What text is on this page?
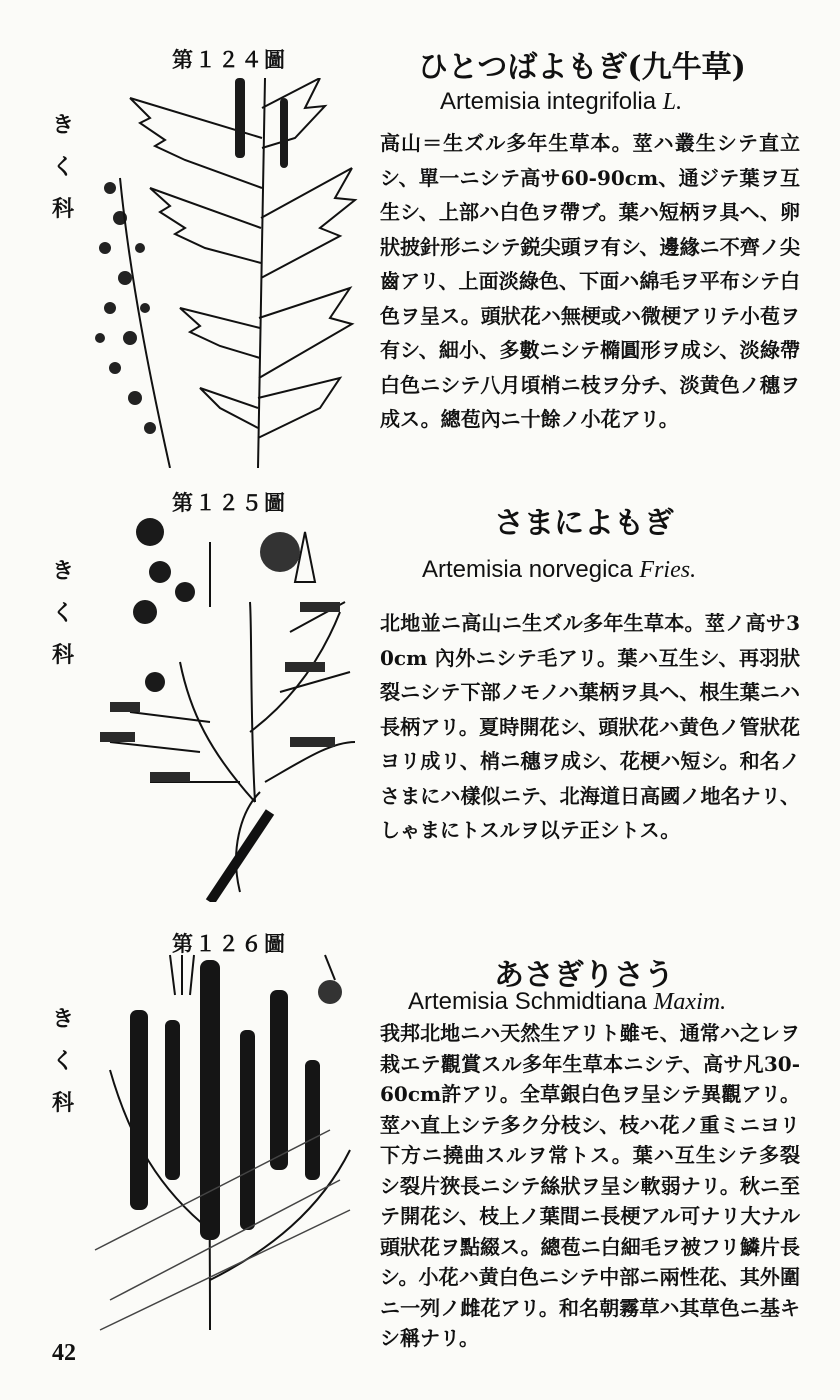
第１２４圖
き
く
科
ひとつばよもぎ(九牛草)
Artemisia integrifolia L.
高山＝生ズル多年生草本。莖ハ叢生シテ直立シ、單一ニシテ高サ60-90cm、通ジテ葉ヲ互生シ、上部ハ白色ヲ帶ブ。葉ハ短柄ヲ具ヘ、卵狀披針形ニシテ鋭尖頭ヲ有シ、邊緣ニ不齊ノ尖齒アリ、上面淡綠色、下面ハ綿毛ヲ平布シテ白色ヲ呈ス。頭狀花ハ無梗或ハ微梗アリテ小苞ヲ有シ、細小、多數ニシテ橢圓形ヲ成シ、淡綠帶白色ニシテ八月頃梢ニ枝ヲ分チ、淡黄色ノ穗ヲ成ス。總苞內ニ十餘ノ小花アリ。
第１２５圖
き
く
科
さまによもぎ
Artemisia norvegica Fries.
北地並ニ高山ニ生ズル多年生草本。莖ノ高サ30cm 內外ニシテ毛アリ。葉ハ互生シ、再羽狀裂ニシテ下部ノモノハ葉柄ヲ具ヘ、根生葉ニハ長柄アリ。夏時開花シ、頭狀花ハ黄色ノ管狀花ヨリ成リ、梢ニ穗ヲ成シ、花梗ハ短シ。和名ノさまにハ樣似ニテ、北海道日高國ノ地名ナリ、しゃまにトスルヲ以テ正シトス。
第１２６圖
き
く
科
あさぎりさう
Artemisia Schmidtiana Maxim.
我邦北地ニハ天然生アリト雖モ、通常ハ之レヲ栽エテ觀賞スル多年生草本ニシテ、高サ凡30-60cm許アリ。全草銀白色ヲ呈シテ異觀アリ。莖ハ直上シテ多ク分枝シ、枝ハ花ノ重ミニヨリ下方ニ撓曲スルヲ常トス。葉ハ互生シテ多裂シ裂片狹長ニシテ絲狀ヲ呈シ軟弱ナリ。秋ニ至テ開花シ、枝上ノ葉間ニ長梗アル可ナリ大ナル頭狀花ヲ點綴ス。總苞ニ白細毛ヲ被フリ鱗片長シ。小花ハ黄白色ニシテ中部ニ兩性花、其外圍ニ一列ノ雌花アリ。和名朝霧草ハ其草色ニ基キシ稱ナリ。
42
